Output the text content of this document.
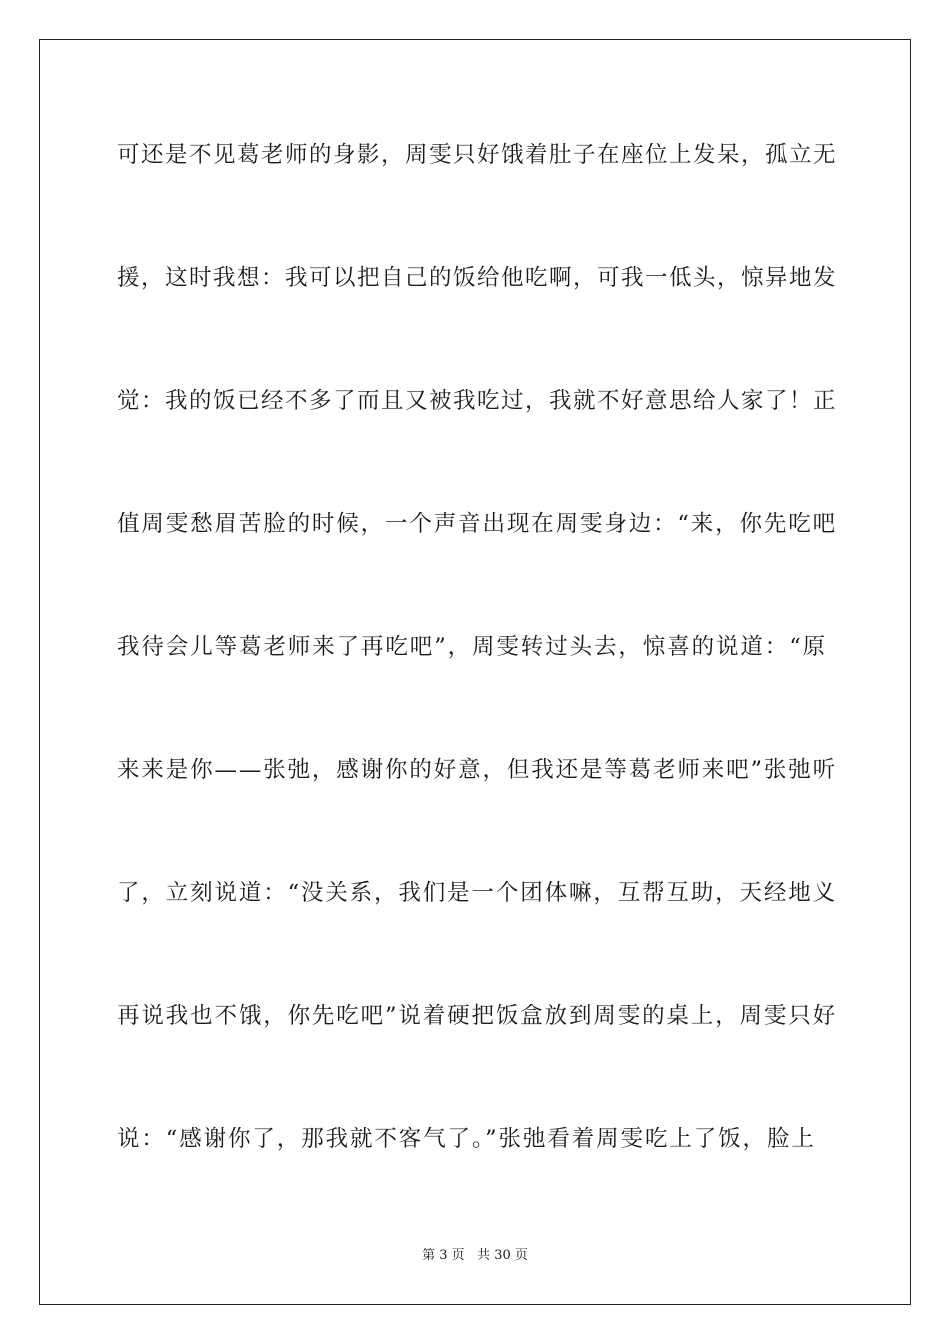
可还是不见葛老师的身影，周雯只好饿着肚子在座位上发呆，孤立无
援，这时我想：我可以把自己的饭给他吃啊，可我一低头，惊异地发
觉：我的饭已经不多了而且又被我吃过，我就不好意思给人家了！正
值周雯愁眉苦脸的时候，一个声音出现在周雯身边：“来，你先吃吧
我待会儿等葛老师来了再吃吧”，周雯转过头去，惊喜的说道：“原
来来是你——张弛，感谢你的好意，但我还是等葛老师来吧”张弛听
了，立刻说道：“没关系，我们是一个团体嘛，互帮互助，天经地义
再说我也不饿，你先吃吧”说着硬把饭盒放到周雯的桌上，周雯只好
说：“感谢你了，那我就不客气了。”张弛看着周雯吃上了饭，脸上
第 3 页   共 30 页
